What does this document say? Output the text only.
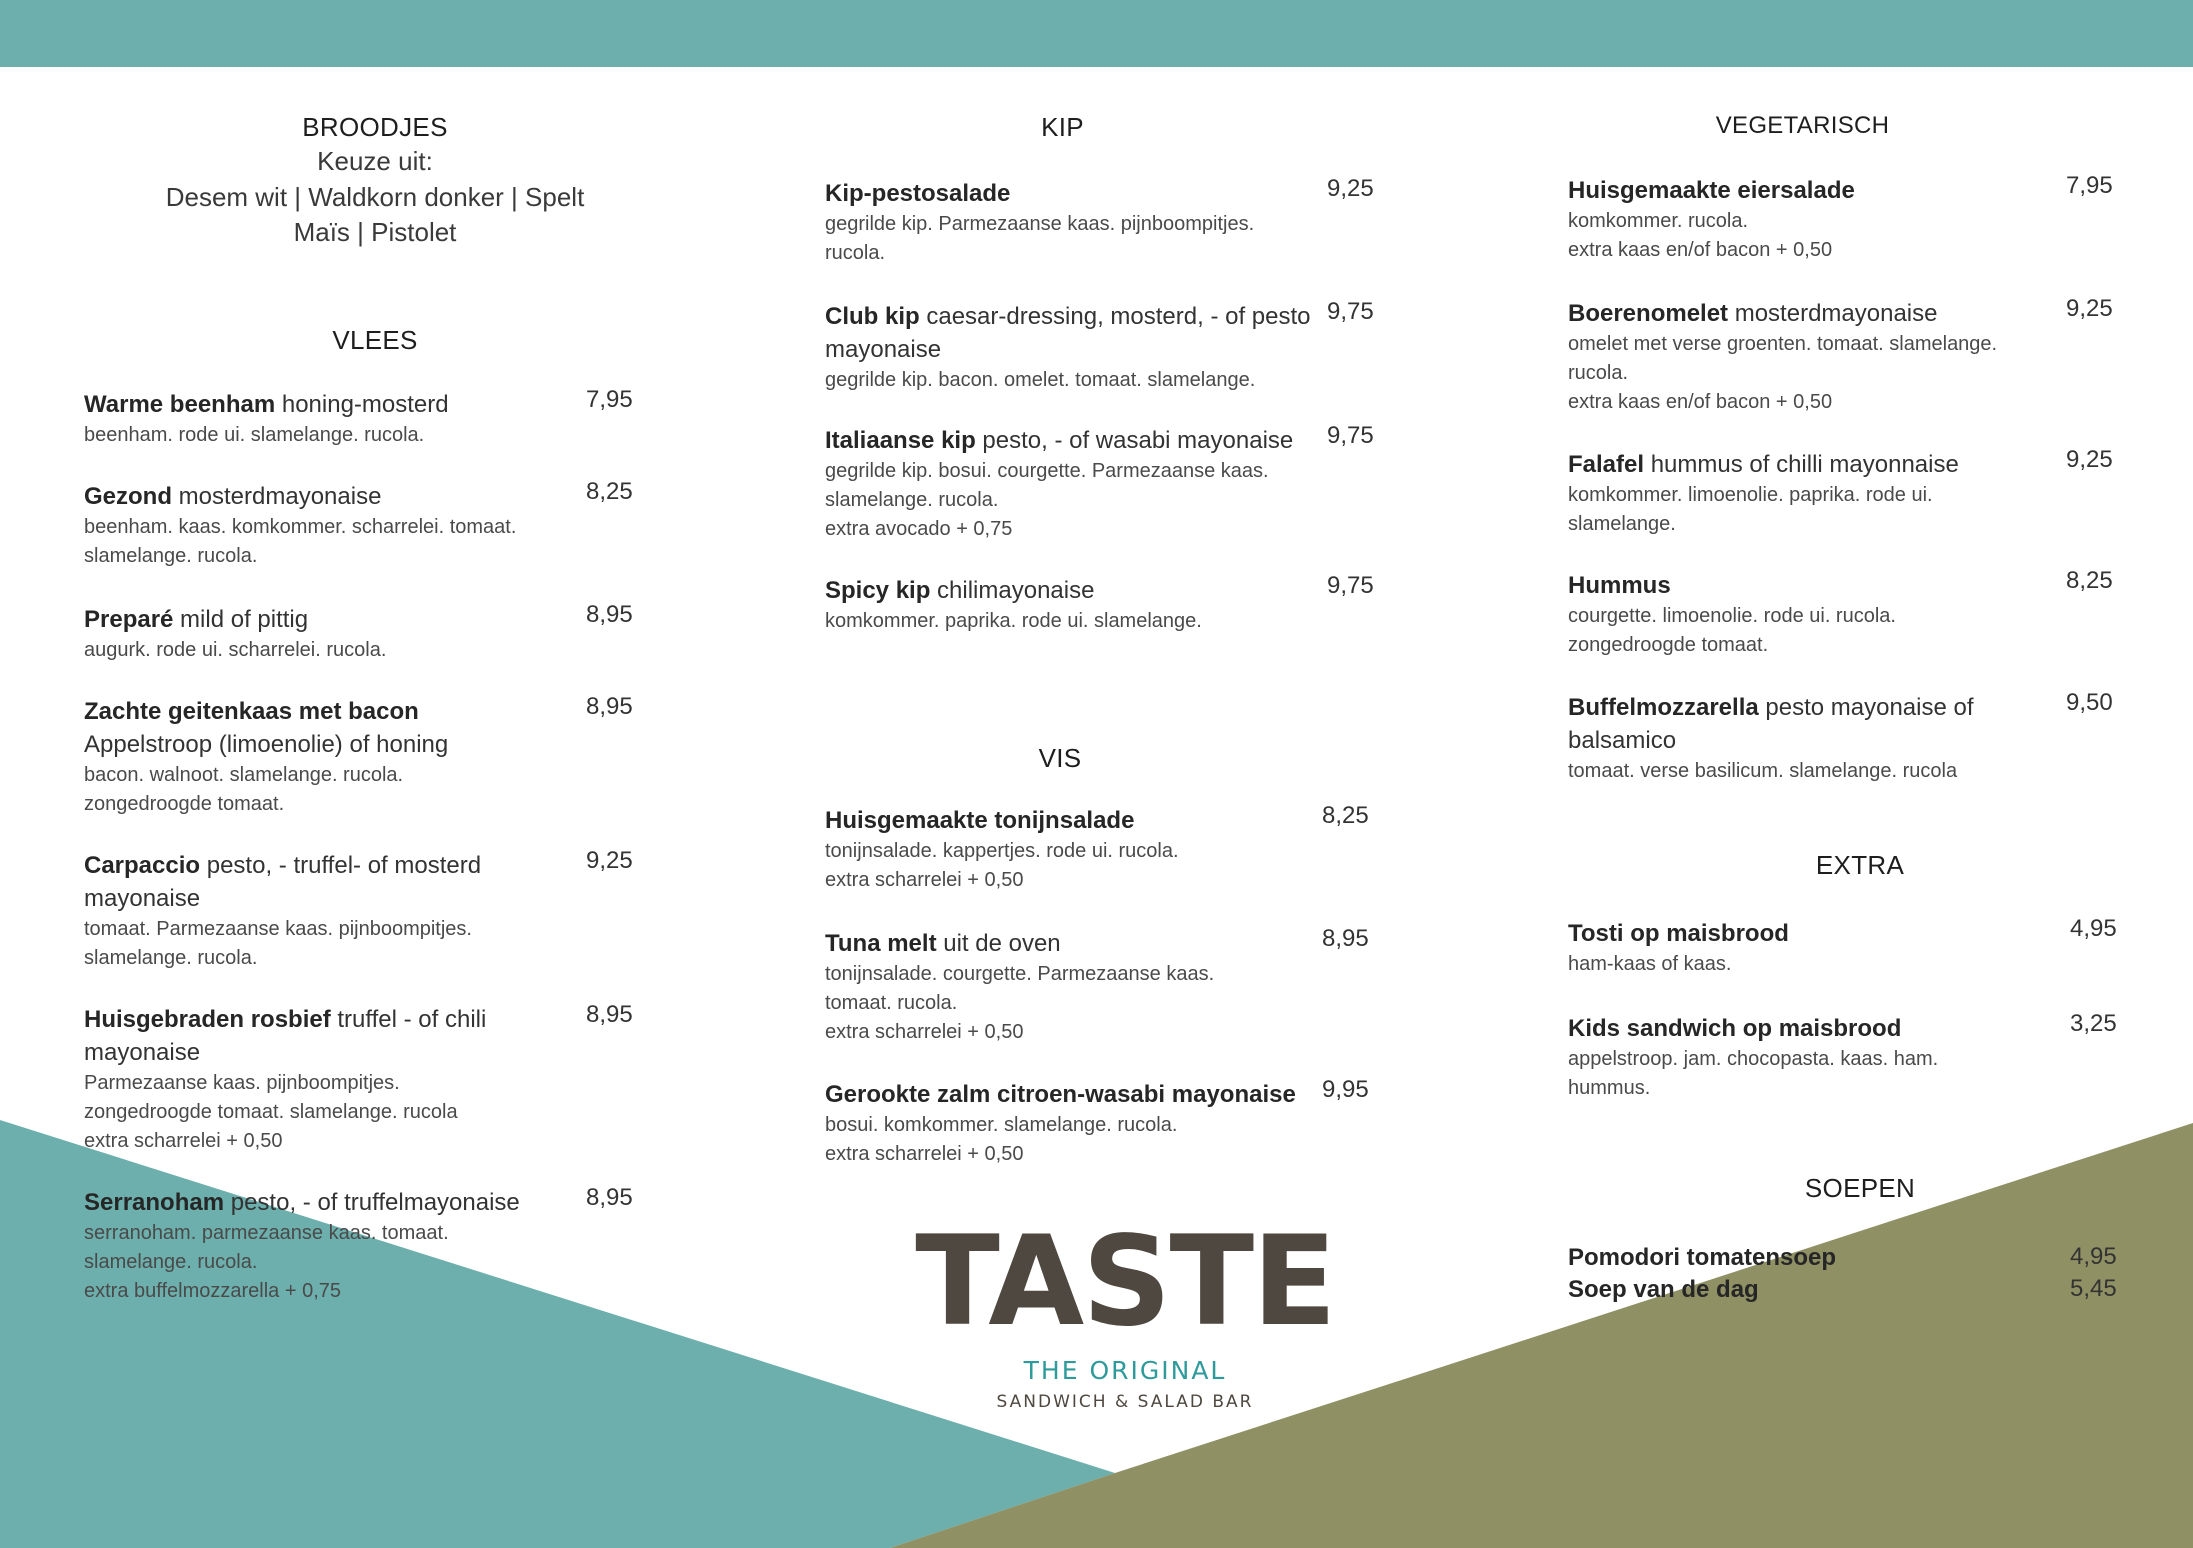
BROODJES
Keuze uit:
Desem wit | Waldkorn donker | Spelt
Maïs | Pistolet
VLEES
Warme beenham honing-mosterd
beenham. rode ui. slamelange. rucola.
7,95
Gezond mosterdmayonaise
beenham. kaas. komkommer. scharrelei. tomaat.
slamelange. rucola.
8,25
Preparé mild of pittig
augurk. rode ui. scharrelei. rucola.
8,95
Zachte geitenkaas met bacon
Appelstroop (limoenolie) of honing
bacon. walnoot. slamelange. rucola.
zongedroogde tomaat.
8,95
Carpaccio pesto, - truffel- of mosterd
mayonaise
tomaat. Parmezaanse kaas. pijnboompitjes.
slamelange. rucola.
9,25
Huisgebraden rosbief truffel - of chili
mayonaise
Parmezaanse kaas. pijnboompitjes.
zongedroogde tomaat. slamelange. rucola
extra scharrelei + 0,50
8,95
Serranoham pesto, - of truffelmayonaise
serranoham. parmezaanse kaas. tomaat.
slamelange. rucola.
extra buffelmozzarella + 0,75
8,95
KIP
Kip-pestosalade
gegrilde kip. Parmezaanse kaas. pijnboompitjes.
rucola.
9,25
Club kip caesar-dressing, mosterd, - of pesto
mayonaise
gegrilde kip. bacon. omelet. tomaat. slamelange.
9,75
Italiaanse kip pesto, - of wasabi mayonaise
gegrilde kip. bosui. courgette. Parmezaanse kaas.
slamelange. rucola.
extra avocado + 0,75
9,75
Spicy kip chilimayonaise
komkommer. paprika. rode ui. slamelange.
9,75
VIS
Huisgemaakte tonijnsalade
tonijnsalade. kappertjes. rode ui. rucola.
extra scharrelei + 0,50
8,25
Tuna melt uit de oven
tonijnsalade. courgette. Parmezaanse kaas.
tomaat. rucola.
extra scharrelei + 0,50
8,95
Gerookte zalm citroen-wasabi mayonaise
bosui. komkommer. slamelange. rucola.
extra scharrelei + 0,50
9,95
VEGETARISCH
Huisgemaakte eiersalade
komkommer. rucola.
extra kaas en/of bacon + 0,50
7,95
Boerenomelet mosterdmayonaise
omelet met verse groenten. tomaat. slamelange.
rucola.
extra kaas en/of bacon + 0,50
9,25
Falafel hummus of chilli mayonnaise
komkommer. limoenolie. paprika. rode ui.
slamelange.
9,25
Hummus
courgette. limoenolie. rode ui. rucola.
zongedroogde tomaat.
8,25
Buffelmozzarella pesto mayonaise of
balsamico
tomaat. verse basilicum. slamelange. rucola
9,50
EXTRA
Tosti op maisbrood
ham-kaas of kaas.
4,95
Kids sandwich op maisbrood
appelstroop. jam. chocopasta. kaas. ham.
hummus.
3,25
SOEPEN
Pomodori tomatensoep	4,95
Soep van de dag	5,45
TASTE
THE ORIGINAL
SANDWICH & SALAD BAR
